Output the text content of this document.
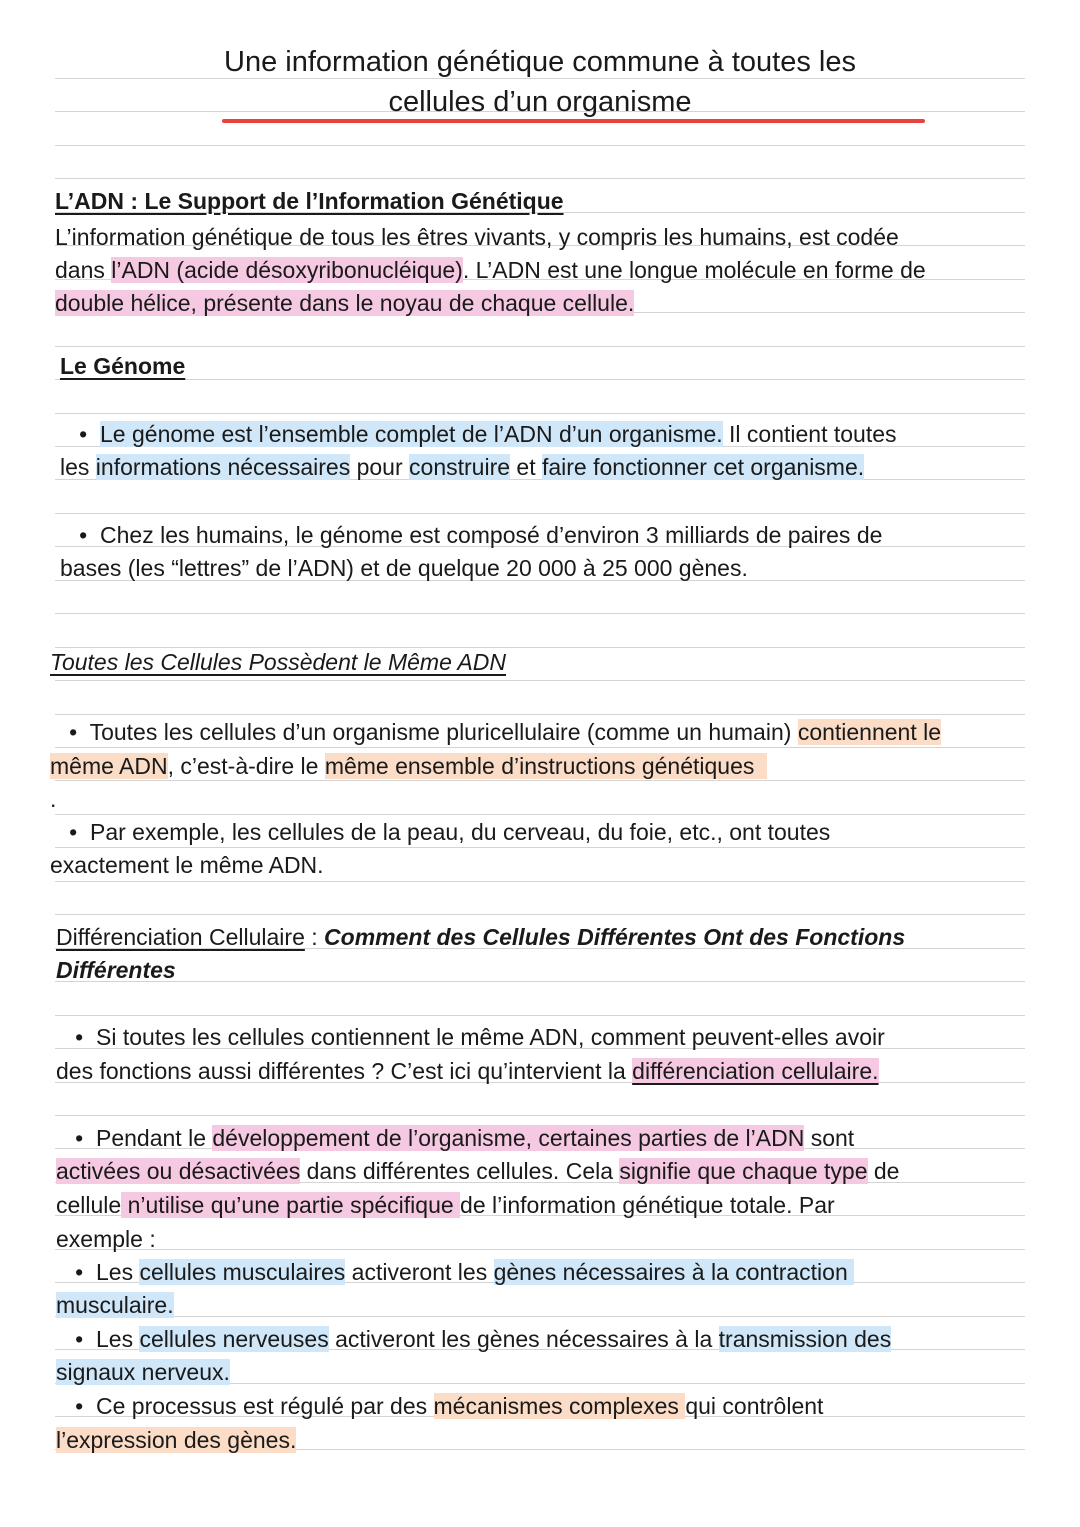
Une information génétique commune à toutes les
cellules d’un organisme
L’ADN : Le Support de l’Information Génétique
L’information génétique de tous les êtres vivants, y compris les humains, est codée
dans l’ADN (acide désoxyribonucléique). L’ADN est une longue molécule en forme de
double hélice, présente dans le noyau de chaque cellule.
Le Génome
•  Le génome est l’ensemble complet de l’ADN d’un organisme. Il contient toutes
les informations nécessaires pour construire et faire fonctionner cet organisme.
•  Chez les humains, le génome est composé d’environ 3 milliards de paires de
bases (les “lettres” de l’ADN) et de quelque 20 000 à 25 000 gènes.
Toutes les Cellules Possèdent le Même ADN
•  Toutes les cellules d’un organisme pluricellulaire (comme un humain) contiennent le
même ADN, c’est-à-dire le même ensemble d’instructions génétiques
.
•  Par exemple, les cellules de la peau, du cerveau, du foie, etc., ont toutes
exactement le même ADN.
Différenciation Cellulaire : Comment des Cellules Différentes Ont des Fonctions
Différentes
•  Si toutes les cellules contiennent le même ADN, comment peuvent-elles avoir
des fonctions aussi différentes ? C’est ici qu’intervient la différenciation cellulaire.
•  Pendant le développement de l’organisme, certaines parties de l’ADN sont
activées ou désactivées dans différentes cellules. Cela signifie que chaque type de
cellule n’utilise qu’une partie spécifique de l’information génétique totale. Par
exemple :
•  Les cellules musculaires activeront les gènes nécessaires à la contraction
musculaire.
•  Les cellules nerveuses activeront les gènes nécessaires à la transmission des
signaux nerveux.
•  Ce processus est régulé par des mécanismes complexes qui contrôlent
l’expression des gènes.
